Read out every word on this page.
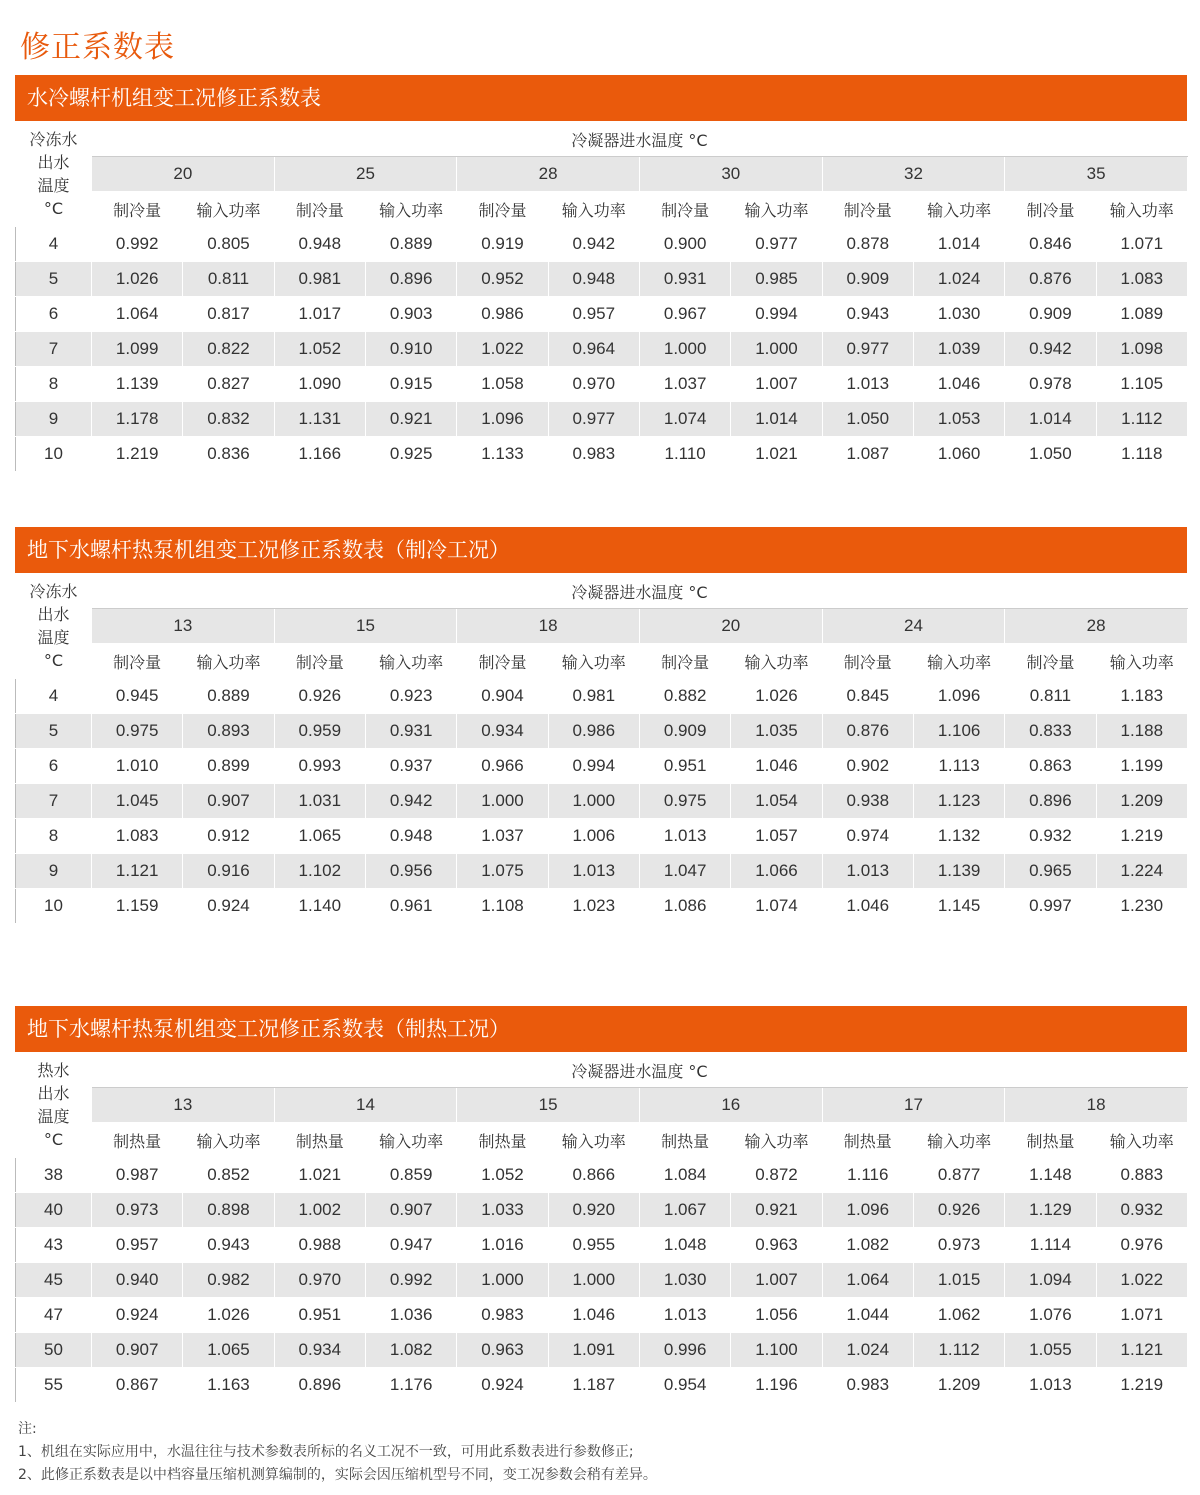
修正系数表
水冷螺杆机组变工况修正系数表
冷冻水
出水
温度
°C	冷凝器进水温度 °C											
	20		25		28		30		32		35	
	制冷量	输入功率	制冷量	输入功率	制冷量	输入功率	制冷量	输入功率	制冷量	输入功率	制冷量	输入功率
4	0.992	0.805	0.948	0.889	0.919	0.942	0.900	0.977	0.878	1.014	0.846	1.071
5	1.026	0.811	0.981	0.896	0.952	0.948	0.931	0.985	0.909	1.024	0.876	1.083
6	1.064	0.817	1.017	0.903	0.986	0.957	0.967	0.994	0.943	1.030	0.909	1.089
7	1.099	0.822	1.052	0.910	1.022	0.964	1.000	1.000	0.977	1.039	0.942	1.098
8	1.139	0.827	1.090	0.915	1.058	0.970	1.037	1.007	1.013	1.046	0.978	1.105
9	1.178	0.832	1.131	0.921	1.096	0.977	1.074	1.014	1.050	1.053	1.014	1.112
10	1.219	0.836	1.166	0.925	1.133	0.983	1.110	1.021	1.087	1.060	1.050	1.118
地下水螺杆热泵机组变工况修正系数表（制冷工况）
冷冻水
出水
温度
°C	冷凝器进水温度 °C											
	13		15		18		20		24		28	
	制冷量	输入功率	制冷量	输入功率	制冷量	输入功率	制冷量	输入功率	制冷量	输入功率	制冷量	输入功率
4	0.945	0.889	0.926	0.923	0.904	0.981	0.882	1.026	0.845	1.096	0.811	1.183
5	0.975	0.893	0.959	0.931	0.934	0.986	0.909	1.035	0.876	1.106	0.833	1.188
6	1.010	0.899	0.993	0.937	0.966	0.994	0.951	1.046	0.902	1.113	0.863	1.199
7	1.045	0.907	1.031	0.942	1.000	1.000	0.975	1.054	0.938	1.123	0.896	1.209
8	1.083	0.912	1.065	0.948	1.037	1.006	1.013	1.057	0.974	1.132	0.932	1.219
9	1.121	0.916	1.102	0.956	1.075	1.013	1.047	1.066	1.013	1.139	0.965	1.224
10	1.159	0.924	1.140	0.961	1.108	1.023	1.086	1.074	1.046	1.145	0.997	1.230
地下水螺杆热泵机组变工况修正系数表（制热工况）
热水
出水
温度
°C	冷凝器进水温度 °C											
	13		14		15		16		17		18	
	制热量	输入功率	制热量	输入功率	制热量	输入功率	制热量	输入功率	制热量	输入功率	制热量	输入功率
38	0.987	0.852	1.021	0.859	1.052	0.866	1.084	0.872	1.116	0.877	1.148	0.883
40	0.973	0.898	1.002	0.907	1.033	0.920	1.067	0.921	1.096	0.926	1.129	0.932
43	0.957	0.943	0.988	0.947	1.016	0.955	1.048	0.963	1.082	0.973	1.114	0.976
45	0.940	0.982	0.970	0.992	1.000	1.000	1.030	1.007	1.064	1.015	1.094	1.022
47	0.924	1.026	0.951	1.036	0.983	1.046	1.013	1.056	1.044	1.062	1.076	1.071
50	0.907	1.065	0.934	1.082	0.963	1.091	0.996	1.100	1.024	1.112	1.055	1.121
55	0.867	1.163	0.896	1.176	0.924	1.187	0.954	1.196	0.983	1.209	1.013	1.219
注:
1、机组在实际应用中，水温往往与技术参数表所标的名义工况不一致，可用此系数表进行参数修正;
2、此修正系数表是以中档容量压缩机测算编制的，实际会因压缩机型号不同，变工况参数会稍有差异。
